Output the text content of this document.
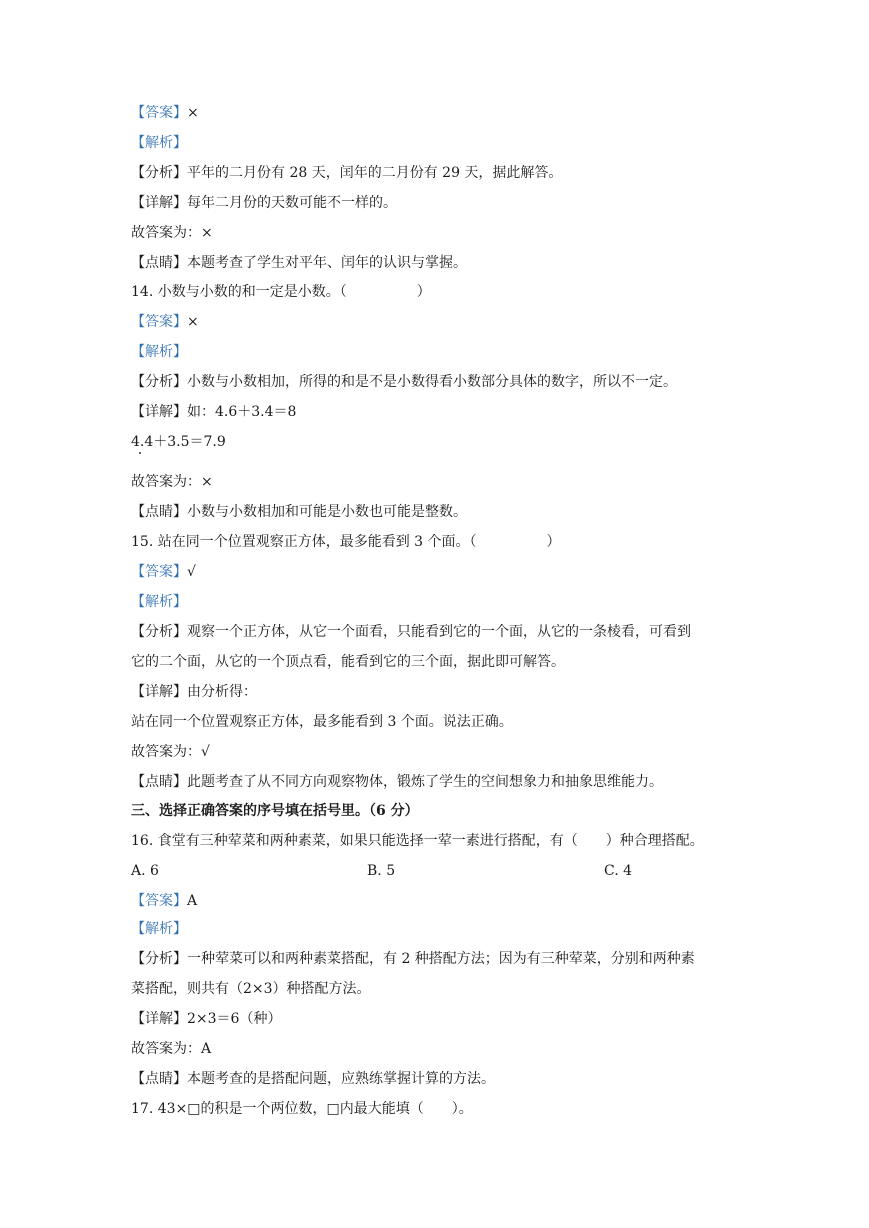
【答案】×
【解析】
【分析】平年的二月份有 28 天，闰年的二月份有 29 天，据此解答。
【详解】每年二月份的天数可能不一样的。
故答案为：×
【点睛】本题考查了学生对平年、闰年的认识与掌握。
14. 小数与小数的和一定是小数。（　　　　　）
【答案】×
【解析】
【分析】小数与小数相加，所得的和是不是小数得看小数部分具体的数字，所以不一定。
【详解】如：4.6＋3.4＝8
4.4＋3.5＝7.9
故答案为：×
【点睛】小数与小数相加和可能是小数也可能是整数。
15. 站在同一个位置观察正方体，最多能看到 3 个面。（　　　　　）
【答案】√
【解析】
【分析】观察一个正方体，从它一个面看，只能看到它的一个面，从它的一条棱看，可看到
它的二个面，从它的一个顶点看，能看到它的三个面，据此即可解答。
【详解】由分析得：
站在同一个位置观察正方体，最多能看到 3 个面。说法正确。
故答案为：√
【点睛】此题考查了从不同方向观察物体，锻炼了学生的空间想象力和抽象思维能力。
三、选择正确答案的序号填在括号里。（6 分）
16. 食堂有三种荤菜和两种素菜，如果只能选择一荤一素进行搭配，有（　　）种合理搭配。
A. 6	B. 5	C. 4
【答案】A
【解析】
【分析】一种荤菜可以和两种素菜搭配，有 2 种搭配方法；因为有三种荤菜，分别和两种素
菜搭配，则共有（2×3）种搭配方法。
【详解】2×3＝6（种）
故答案为：A
【点睛】本题考查的是搭配问题，应熟练掌握计算的方法。
17. 43×□的积是一个两位数，□内最大能填（　　）。
